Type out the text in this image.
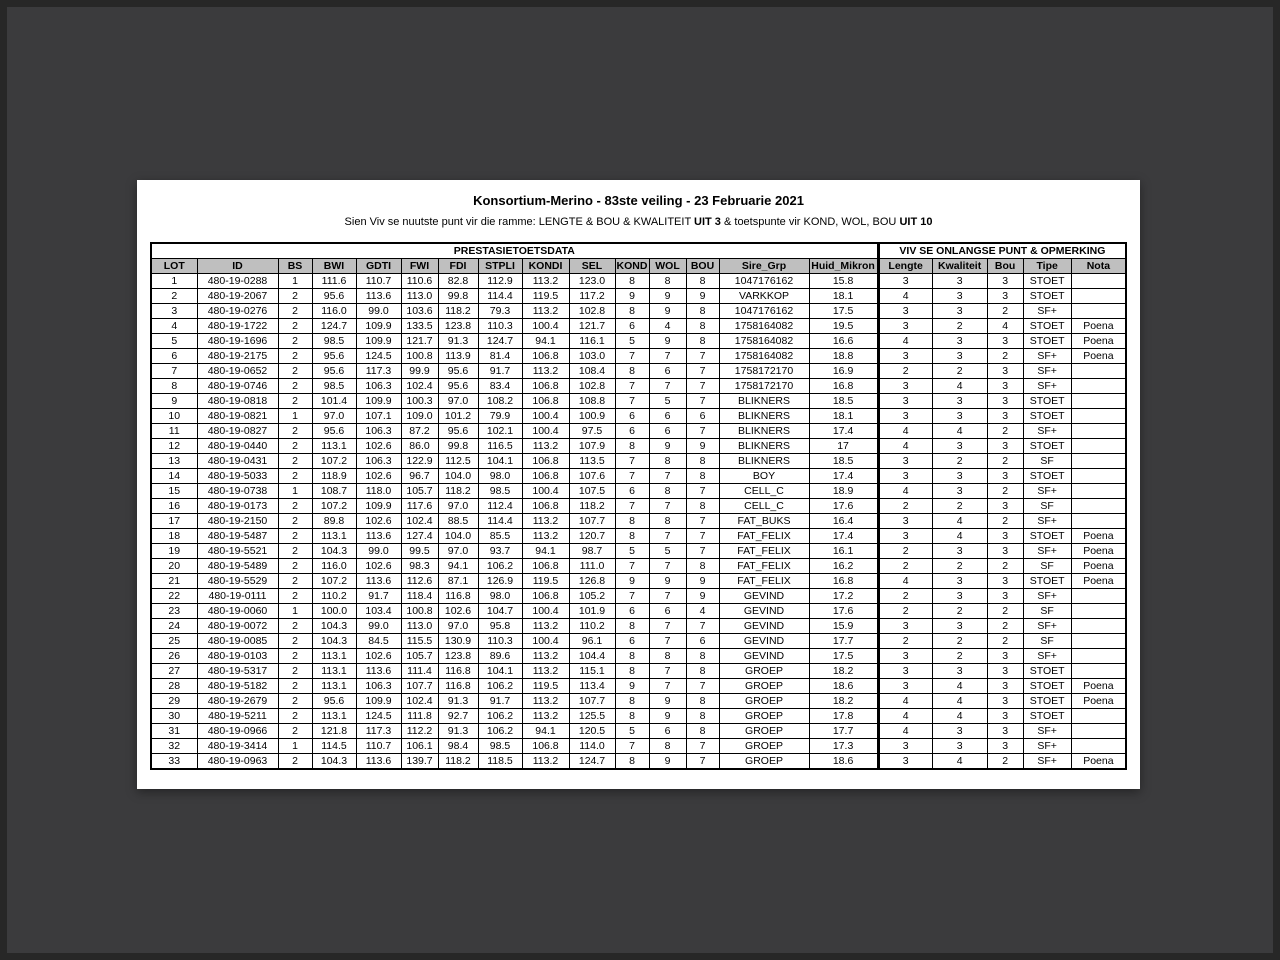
Konsortium-Merino - 83ste veiling - 23 Februarie 2021
Sien Viv se nuutste punt vir die ramme: LENGTE & BOU & KWALITEIT UIT 3 & toetspunte vir KOND, WOL, BOU UIT 10
PRESTASIETOETSDATA															VIV SE ONLANGSE PUNT & OPMERKING				
LOT	ID	BS	BWI	GDTI	FWI	FDI	STPLI	KONDI	SEL	KOND	WOL	BOU	Sire_Grp	Huid_Mikron	Lengte	Kwaliteit	Bou	Tipe	Nota
1	480-19-0288	1	111.6	110.7	110.6	82.8	112.9	113.2	123.0	8	8	8	1047176162	15.8	3	3	3	STOET	
2	480-19-2067	2	95.6	113.6	113.0	99.8	114.4	119.5	117.2	9	9	9	VARKKOP	18.1	4	3	3	STOET	
3	480-19-0276	2	116.0	99.0	103.6	118.2	79.3	113.2	102.8	8	9	8	1047176162	17.5	3	3	2	SF+	
4	480-19-1722	2	124.7	109.9	133.5	123.8	110.3	100.4	121.7	6	4	8	1758164082	19.5	3	2	4	STOET	Poena
5	480-19-1696	2	98.5	109.9	121.7	91.3	124.7	94.1	116.1	5	9	8	1758164082	16.6	4	3	3	STOET	Poena
6	480-19-2175	2	95.6	124.5	100.8	113.9	81.4	106.8	103.0	7	7	7	1758164082	18.8	3	3	2	SF+	Poena
7	480-19-0652	2	95.6	117.3	99.9	95.6	91.7	113.2	108.4	8	6	7	1758172170	16.9	2	2	3	SF+	
8	480-19-0746	2	98.5	106.3	102.4	95.6	83.4	106.8	102.8	7	7	7	1758172170	16.8	3	4	3	SF+	
9	480-19-0818	2	101.4	109.9	100.3	97.0	108.2	106.8	108.8	7	5	7	BLIKNERS	18.5	3	3	3	STOET	
10	480-19-0821	1	97.0	107.1	109.0	101.2	79.9	100.4	100.9	6	6	6	BLIKNERS	18.1	3	3	3	STOET	
11	480-19-0827	2	95.6	106.3	87.2	95.6	102.1	100.4	97.5	6	6	7	BLIKNERS	17.4	4	4	2	SF+	
12	480-19-0440	2	113.1	102.6	86.0	99.8	116.5	113.2	107.9	8	9	9	BLIKNERS	17	4	3	3	STOET	
13	480-19-0431	2	107.2	106.3	122.9	112.5	104.1	106.8	113.5	7	8	8	BLIKNERS	18.5	3	2	2	SF	
14	480-19-5033	2	118.9	102.6	96.7	104.0	98.0	106.8	107.6	7	7	8	BOY	17.4	3	3	3	STOET	
15	480-19-0738	1	108.7	118.0	105.7	118.2	98.5	100.4	107.5	6	8	7	CELL_C	18.9	4	3	2	SF+	
16	480-19-0173	2	107.2	109.9	117.6	97.0	112.4	106.8	118.2	7	7	8	CELL_C	17.6	2	2	3	SF	
17	480-19-2150	2	89.8	102.6	102.4	88.5	114.4	113.2	107.7	8	8	7	FAT_BUKS	16.4	3	4	2	SF+	
18	480-19-5487	2	113.1	113.6	127.4	104.0	85.5	113.2	120.7	8	7	7	FAT_FELIX	17.4	3	4	3	STOET	Poena
19	480-19-5521	2	104.3	99.0	99.5	97.0	93.7	94.1	98.7	5	5	7	FAT_FELIX	16.1	2	3	3	SF+	Poena
20	480-19-5489	2	116.0	102.6	98.3	94.1	106.2	106.8	111.0	7	7	8	FAT_FELIX	16.2	2	2	2	SF	Poena
21	480-19-5529	2	107.2	113.6	112.6	87.1	126.9	119.5	126.8	9	9	9	FAT_FELIX	16.8	4	3	3	STOET	Poena
22	480-19-0111	2	110.2	91.7	118.4	116.8	98.0	106.8	105.2	7	7	9	GEVIND	17.2	2	3	3	SF+	
23	480-19-0060	1	100.0	103.4	100.8	102.6	104.7	100.4	101.9	6	6	4	GEVIND	17.6	2	2	2	SF	
24	480-19-0072	2	104.3	99.0	113.0	97.0	95.8	113.2	110.2	8	7	7	GEVIND	15.9	3	3	2	SF+	
25	480-19-0085	2	104.3	84.5	115.5	130.9	110.3	100.4	96.1	6	7	6	GEVIND	17.7	2	2	2	SF	
26	480-19-0103	2	113.1	102.6	105.7	123.8	89.6	113.2	104.4	8	8	8	GEVIND	17.5	3	2	3	SF+	
27	480-19-5317	2	113.1	113.6	111.4	116.8	104.1	113.2	115.1	8	7	8	GROEP	18.2	3	3	3	STOET	
28	480-19-5182	2	113.1	106.3	107.7	116.8	106.2	119.5	113.4	9	7	7	GROEP	18.6	3	4	3	STOET	Poena
29	480-19-2679	2	95.6	109.9	102.4	91.3	91.7	113.2	107.7	8	9	8	GROEP	18.2	4	4	3	STOET	Poena
30	480-19-5211	2	113.1	124.5	111.8	92.7	106.2	113.2	125.5	8	9	8	GROEP	17.8	4	4	3	STOET	
31	480-19-0966	2	121.8	117.3	112.2	91.3	106.2	94.1	120.5	5	6	8	GROEP	17.7	4	3	3	SF+	
32	480-19-3414	1	114.5	110.7	106.1	98.4	98.5	106.8	114.0	7	8	7	GROEP	17.3	3	3	3	SF+	
33	480-19-0963	2	104.3	113.6	139.7	118.2	118.5	113.2	124.7	8	9	7	GROEP	18.6	3	4	2	SF+	Poena
